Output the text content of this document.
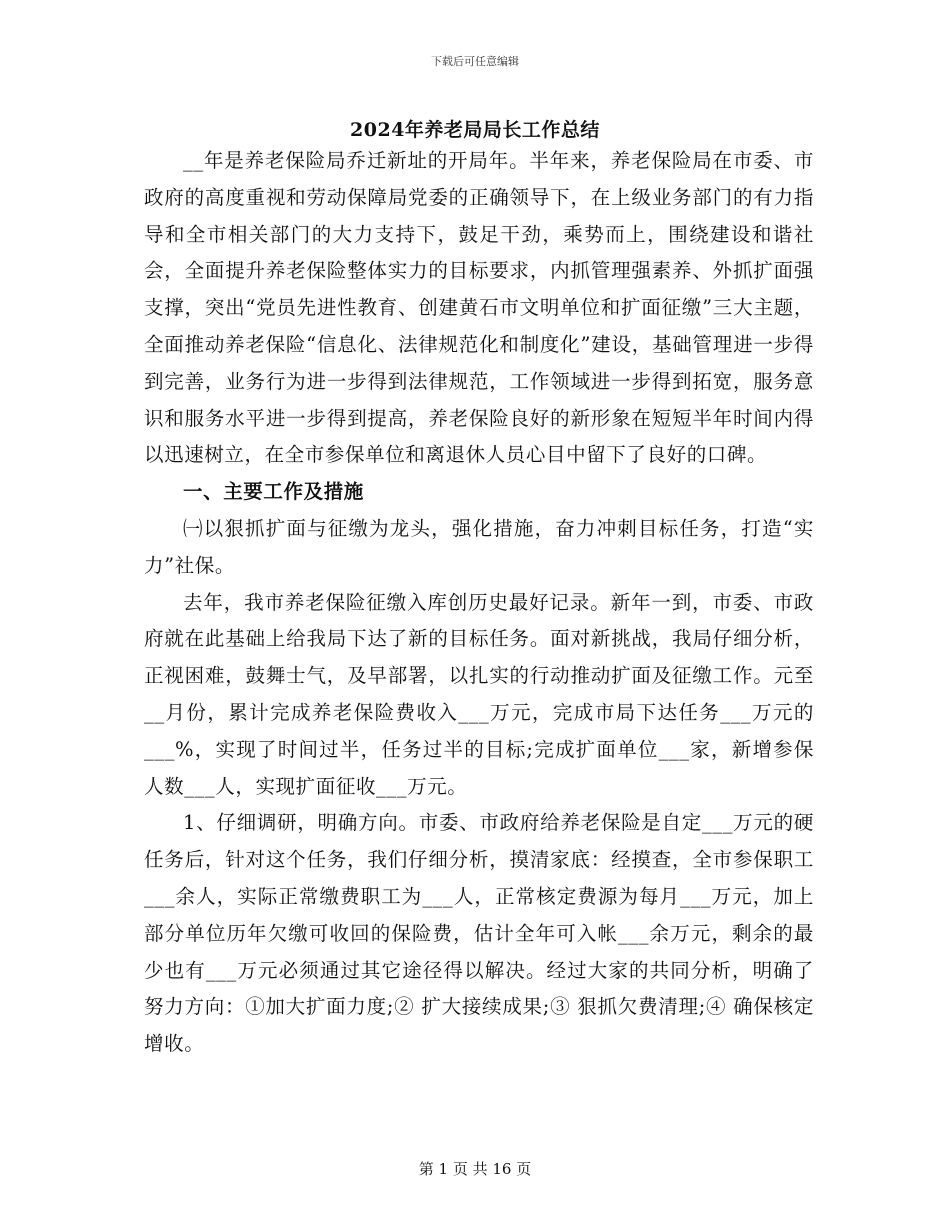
下载后可任意编辑
2024年养老局局长工作总结

__年是养老保险局乔迁新址的开局年。半年来，养老保险局在市委、市政府的高度重视和劳动保障局党委的正确领导下，在上级业务部门的有力指导和全市相关部门的大力支持下，鼓足干劲，乘势而上，围绕建设和谐社会，全面提升养老保险整体实力的目标要求，内抓管理强素养、外抓扩面强支撑，突出“党员先进性教育、创建黄石市文明单位和扩面征缴”三大主题，全面推动养老保险“信息化、法律规范化和制度化”建设，基础管理进一步得到完善，业务行为进一步得到法律规范，工作领域进一步得到拓宽，服务意识和服务水平进一步得到提高，养老保险良好的新形象在短短半年时间内得以迅速树立，在全市参保单位和离退休人员心目中留下了良好的口碑。

一、主要工作及措施

㈠以狠抓扩面与征缴为龙头，强化措施，奋力冲刺目标任务，打造“实力”社保。

去年，我市养老保险征缴入库创历史最好记录。新年一到，市委、市政府就在此基础上给我局下达了新的目标任务。面对新挑战，我局仔细分析，正视困难，鼓舞士气，及早部署，以扎实的行动推动扩面及征缴工作。元至__月份，累计完成养老保险费收入___万元，完成市局下达任务___万元的___%，实现了时间过半，任务过半的目标;完成扩面单位___家，新增参保人数___人，实现扩面征收___万元。

1、仔细调研，明确方向。市委、市政府给养老保险是自定___万元的硬任务后，针对这个任务，我们仔细分析，摸清家底：经摸查，全市参保职工___余人，实际正常缴费职工为___人，正常核定费源为每月___万元，加上部分单位历年欠缴可收回的保险费，估计全年可入帐___余万元，剩余的最少也有___万元必须通过其它途径得以解决。经过大家的共同分析，明确了努力方向：①加大扩面力度;② 扩大接续成果;③ 狠抓欠费清理;④ 确保核定增收。

第 1 页 共 16 页
